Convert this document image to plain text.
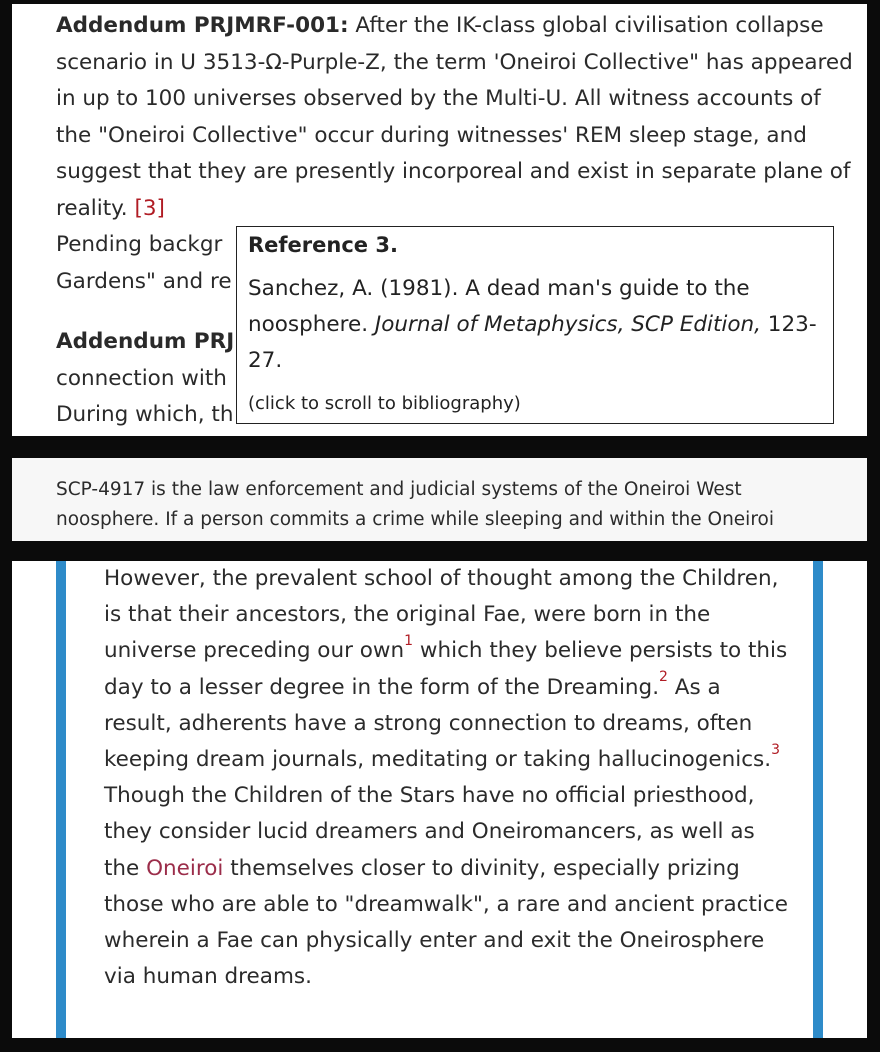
Addendum PRJMRF-001: After the IK-class global civilisation collapse scenario in U 3513-Ω-Purple-Z, the term 'Oneiroi Collective" has appeared in up to 100 universes observed by the Multi-U. All witness accounts of the "Oneiroi Collective" occur during witnesses' REM sleep stage, and suggest that they are presently incorporeal and exist in separate plane of reality. [3]

Pending backgr

Gardens" and re

Addendum PRJ

connection with

During which, th

Reference 3.
Sanchez, A. (1981). A dead man's guide to the noosphere. Journal of Metaphysics, SCP Edition, 123-27.
(click to scroll to bibliography)
SCP-4917 is the law enforcement and judicial systems of the Oneiroi West noosphere. If a person commits a crime while sleeping and within the Oneiroi
However, the prevalent school of thought among the Children, is that their ancestors, the original Fae, were born in the universe preceding our own$^1$ which they believe persists to this day to a lesser degree in the form of the Dreaming.$^2$ As a result, adherents have a strong connection to dreams, often keeping dream journals, meditating or taking hallucinogenics.$^3$ Though the Children of the Stars have no official priesthood, they consider lucid dreamers and Oneiromancers, as well as the Oneiroi themselves closer to divinity, especially prizing those who are able to "dreamwalk", a rare and ancient practice wherein a Fae can physically enter and exit the Oneirosphere via human dreams.
